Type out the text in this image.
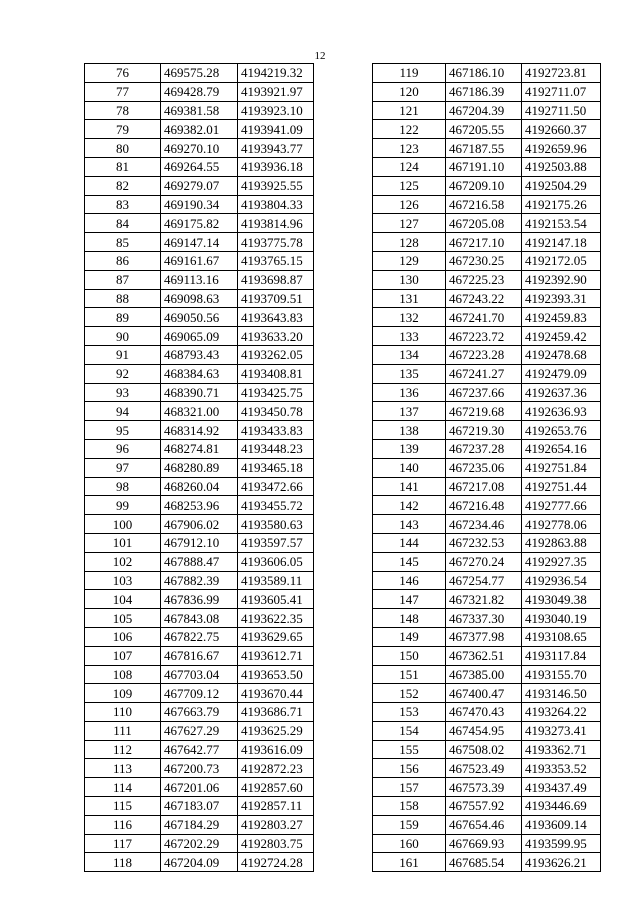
12
76	469575.28	4194219.32
77	469428.79	4193921.97
78	469381.58	4193923.10
79	469382.01	4193941.09
80	469270.10	4193943.77
81	469264.55	4193936.18
82	469279.07	4193925.55
83	469190.34	4193804.33
84	469175.82	4193814.96
85	469147.14	4193775.78
86	469161.67	4193765.15
87	469113.16	4193698.87
88	469098.63	4193709.51
89	469050.56	4193643.83
90	469065.09	4193633.20
91	468793.43	4193262.05
92	468384.63	4193408.81
93	468390.71	4193425.75
94	468321.00	4193450.78
95	468314.92	4193433.83
96	468274.81	4193448.23
97	468280.89	4193465.18
98	468260.04	4193472.66
99	468253.96	4193455.72
100	467906.02	4193580.63
101	467912.10	4193597.57
102	467888.47	4193606.05
103	467882.39	4193589.11
104	467836.99	4193605.41
105	467843.08	4193622.35
106	467822.75	4193629.65
107	467816.67	4193612.71
108	467703.04	4193653.50
109	467709.12	4193670.44
110	467663.79	4193686.71
111	467627.29	4193625.29
112	467642.77	4193616.09
113	467200.73	4192872.23
114	467201.06	4192857.60
115	467183.07	4192857.11
116	467184.29	4192803.27
117	467202.29	4192803.75
118	467204.09	4192724.28
119	467186.10	4192723.81
120	467186.39	4192711.07
121	467204.39	4192711.50
122	467205.55	4192660.37
123	467187.55	4192659.96
124	467191.10	4192503.88
125	467209.10	4192504.29
126	467216.58	4192175.26
127	467205.08	4192153.54
128	467217.10	4192147.18
129	467230.25	4192172.05
130	467225.23	4192392.90
131	467243.22	4192393.31
132	467241.70	4192459.83
133	467223.72	4192459.42
134	467223.28	4192478.68
135	467241.27	4192479.09
136	467237.66	4192637.36
137	467219.68	4192636.93
138	467219.30	4192653.76
139	467237.28	4192654.16
140	467235.06	4192751.84
141	467217.08	4192751.44
142	467216.48	4192777.66
143	467234.46	4192778.06
144	467232.53	4192863.88
145	467270.24	4192927.35
146	467254.77	4192936.54
147	467321.82	4193049.38
148	467337.30	4193040.19
149	467377.98	4193108.65
150	467362.51	4193117.84
151	467385.00	4193155.70
152	467400.47	4193146.50
153	467470.43	4193264.22
154	467454.95	4193273.41
155	467508.02	4193362.71
156	467523.49	4193353.52
157	467573.39	4193437.49
158	467557.92	4193446.69
159	467654.46	4193609.14
160	467669.93	4193599.95
161	467685.54	4193626.21
